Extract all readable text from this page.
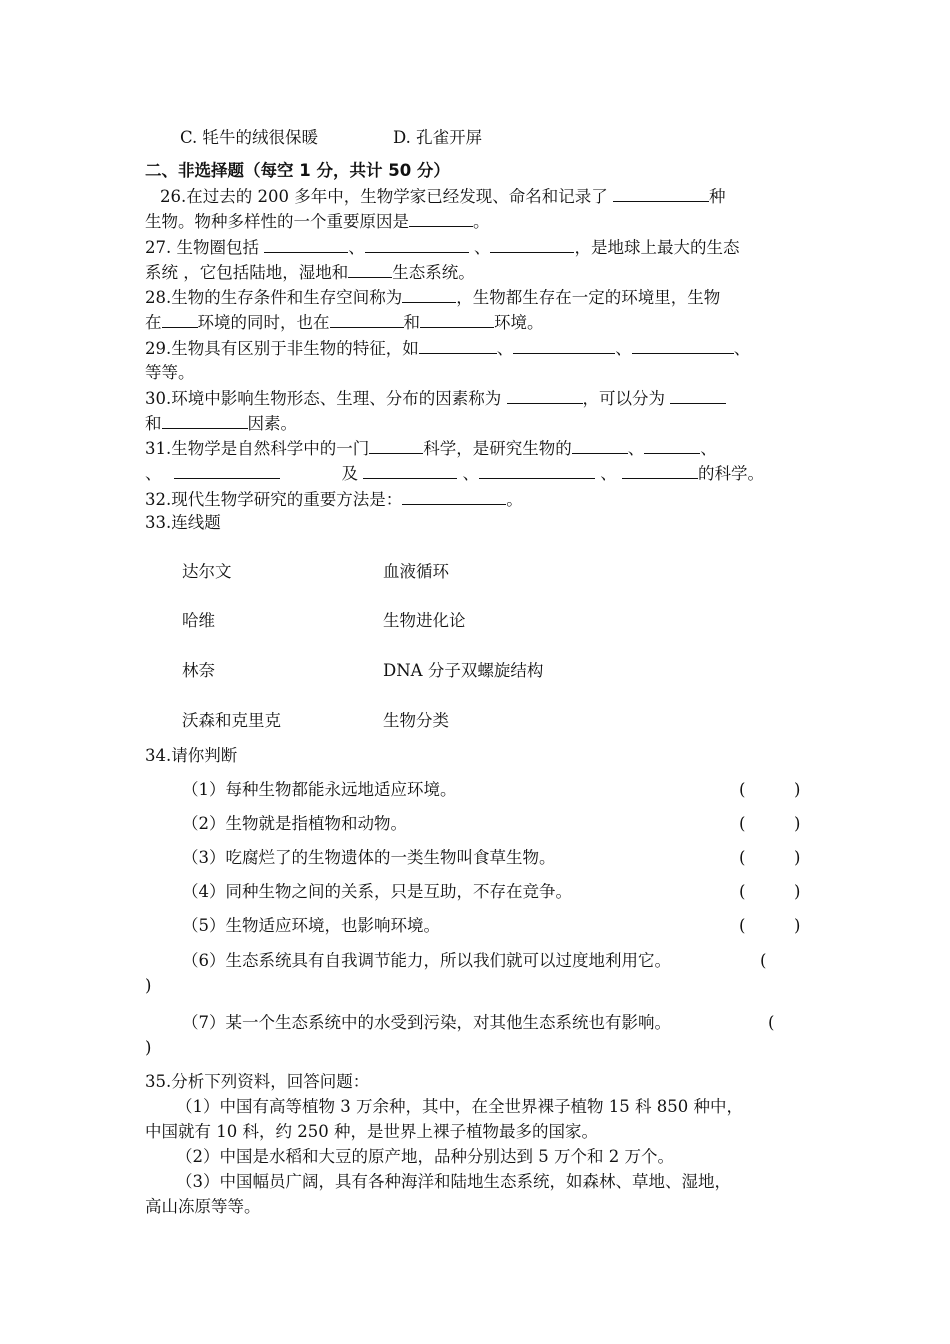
C. 牦牛的绒很保暖	D. 孔雀开屏
二、非选择题（每空 1 分，共计 50 分）
26.在过去的 200 多年中，生物学家已经发现、命名和记录了	种
生物。物种多样性的一个重要原因是	。
27. 生物圈包括	、	、	，是地球上最大的生态
系统 ，它包括陆地，湿地和	生态系统。
28.生物的生存条件和生存空间称为	，生物都生存在一定的环境里，生物
在 环境的同时，也在	和	环境。
29.生物具有区别于非生物的特征，如	、	、	、
等等。
30.环境中影响生物形态、生理、分布的因素称为	，可以分为
和	因素。
31.生物学是自然科学中的一门	科学，是研究生物的	、	、
、	及	、	、	的科学。
32.现代生物学研究的重要方法是：	。
33.连线题
达尔文	血液循环
哈维	生物进化论
林奈	DNA 分子双螺旋结构
沃森和克里克	生物分类
34.请你判断
（1）每种生物都能永远地适应环境。	(	)
（2）生物就是指植物和动物。	(	)
（3）吃腐烂了的生物遗体的一类生物叫食草生物。	(	)
（4）同种生物之间的关系，只是互助，不存在竞争。	(	)
（5）生物适应环境，也影响环境。	(	)
（6）生态系统具有自我调节能力，所以我们就可以过度地利用它。	(
)
（7）某一个生态系统中的水受到污染，对其他生态系统也有影响。	(
)
35.分析下列资料，回答问题：
（1）中国有高等植物 3 万余种，其中，在全世界裸子植物 15 科 850 种中，
中国就有 10 科，约 250 种，是世界上裸子植物最多的国家。
（2）中国是水稻和大豆的原产地，品种分别达到 5 万个和 2 万个。
（3）中国幅员广阔，具有各种海洋和陆地生态系统，如森林、草地、湿地，
高山冻原等等。
